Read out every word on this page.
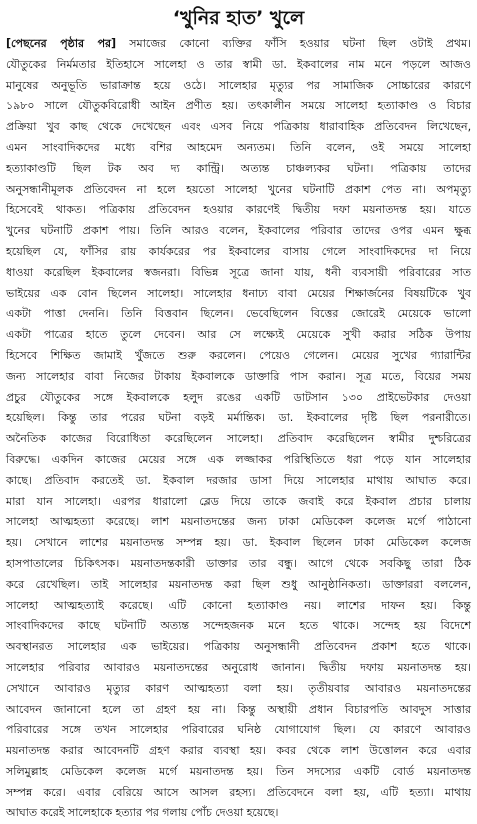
‘খুনির হাত’ খুলে
[পেছনের পৃষ্ঠার পর] সমাজের কোনো ব্যক্তির ফাঁসি হওয়ার ঘটনা ছিল ওটাই প্রথম।
যৌতুকের নির্মমতার ইতিহাসে সালেহা ও তার স্বামী ডা. ইকবালের নাম মনে পড়লে আজও
মানুষের অনুভূতি ভারাক্রান্ত হয়ে ওঠে। সালেহার মৃত্যুর পর সামাজিক সোচ্চারের কারণে
১৯৮০ সালে যৌতুকবিরোধী আইন প্রণীত হয়। তৎকালীন সময়ে সালেহা হত্যাকাণ্ড ও বিচার
প্রক্রিয়া খুব কাছ থেকে দেখেছেন এবং এসব নিয়ে পত্রিকায় ধারাবাহিক প্রতিবেদন লিখেছেন,
এমন সাংবাদিকদের মধ্যে বশির আহমেদ অন্যতম। তিনি বলেন, ওই সময়ে সালেহা
হত্যাকাণ্ডটি ছিল টক অব দ্য কান্ট্রি। অত্যন্ত চাঞ্চল্যকর ঘটনা। পত্রিকায় তাদের
অনুসন্ধানীমূলক প্রতিবেদন না হলে হয়তো সালেহা খুনের ঘটনাটি প্রকাশ পেত না। অপমৃত্যু
হিসেবেই থাকত। পত্রিকায় প্রতিবেদন হওয়ার কারণেই দ্বিতীয় দফা ময়নাতদন্ত হয়। যাতে
খুনের ঘটনাটি প্রকাশ পায়। তিনি আরও বলেন, ইকবালের পরিবার তাদের ওপর এমন ক্ষুব্ধ
হয়েছিল যে, ফাঁসির রায় কার্যকরের পর ইকবালের বাসায় গেলে সাংবাদিকদের দা নিয়ে
ধাওয়া করেছিল ইকবালের স্বজনরা। বিভিন্ন সূত্রে জানা যায়, ধনী ব্যবসায়ী পরিবারের সাত
ভাইয়ের এক বোন ছিলেন সালেহা। সালেহার ধনাঢ্য বাবা মেয়ের শিক্ষার্জনের বিষয়টিকে খুব
একটা পাত্তা দেননি। তিনি বিত্তবান ছিলেন। ভেবেছিলেন বিত্তের জোরেই মেয়েকে ভালো
একটা পাত্রের হাতে তুলে দেবেন। আর সে লক্ষ্যেই মেয়েকে সুখী করার সঠিক উপায়
হিসেবে শিক্ষিত জামাই খুঁজতে শুরু করলেন। পেয়েও গেলেন। মেয়ের সুখের গ্যারান্টির
জন্য সালেহার বাবা নিজের টাকায় ইকবালকে ডাক্তারি পাস করান। সূত্র মতে, বিয়ের সময়
প্রচুর যৌতুকের সঙ্গে ইকবালকে হলুদ রঙের একটি ডাটসান ১৩০ প্রাইভেটকার দেওয়া
হয়েছিল। কিন্তু তার পরের ঘটনা বড়ই মর্মান্তিক। ডা. ইকবালের দৃষ্টি ছিল পরনারীতে।
অনৈতিক কাজের বিরোধিতা করেছিলেন সালেহা। প্রতিবাদ করেছিলেন স্বামীর দুশ্চরিত্রের
বিরুদ্ধে। একদিন কাজের মেয়ের সঙ্গে এক লজ্জাকর পরিস্থিতিতে ধরা পড়ে যান সালেহার
কাছে। প্রতিবাদ করতেই ডা. ইকবাল দরজার ডাসা দিয়ে সালেহার মাথায় আঘাত করে।
মারা যান সালেহা। এরপর ধারালো ব্লেড দিয়ে তাকে জবাই করে ইকবাল প্রচার চালায়
সালেহা আত্মহত্যা করেছে। লাশ ময়নাতদন্তের জন্য ঢাকা মেডিকেল কলেজ মর্গে পাঠানো
হয়। সেখানে লাশের ময়নাতদন্ত সম্পন্ন হয়। ডা. ইকবাল ছিলেন ঢাকা মেডিকেল কলেজ
হাসপাতালের চিকিৎসক। ময়নাতদন্তকারী ডাক্তার তার বন্ধু। আগে থেকে সবকিছু তারা ঠিক
করে রেখেছিল। তাই সালেহার ময়নাতদন্ত করা ছিল শুধু আনুষ্ঠানিকতা। ডাক্তাররা বললেন,
সালেহা আত্মহত্যাই করেছে। এটি কোনো হত্যাকাণ্ড নয়। লাশের দাফন হয়। কিন্তু
সাংবাদিকদের কাছে ঘটনাটি অত্যন্ত সন্দেহজনক মনে হতে থাকে। সন্দেহ হয় বিদেশে
অবস্থানরত সালেহার এক ভাইয়ের। পত্রিকায় অনুসন্ধানী প্রতিবেদন প্রকাশ হতে থাকে।
সালেহার পরিবার আবারও ময়নাতদন্তের অনুরোধ জানান। দ্বিতীয় দফায় ময়নাতদন্ত হয়।
সেখানে আবারও মৃত্যুর কারণ আত্মহত্যা বলা হয়। তৃতীয়বার আবারও ময়নাতদন্তের
আবেদন জানানো হলে তা গ্রহণ হয় না। কিন্তু অস্থায়ী প্রধান বিচারপতি আবদুস সাত্তার
পরিবারের সঙ্গে তখন সালেহার পরিবারের ঘনিষ্ঠ যোগাযোগ ছিল। যে কারণে আবারও
ময়নাতদন্ত করার আবেদনটি গ্রহণ করার ব্যবস্থা হয়। কবর থেকে লাশ উত্তোলন করে এবার
সলিমুল্লাহ মেডিকেল কলেজ মর্গে ময়নাতদন্ত হয়। তিন সদস্যের একটি বোর্ড ময়নাতদন্ত
সম্পন্ন করে। এবার বেরিয়ে আসে আসল রহস্য। প্রতিবেদনে বলা হয়, এটি হত্যা। মাথায়
আঘাত করেই সালেহাকে হত্যার পর গলায় পোঁচ দেওয়া হয়েছে।
